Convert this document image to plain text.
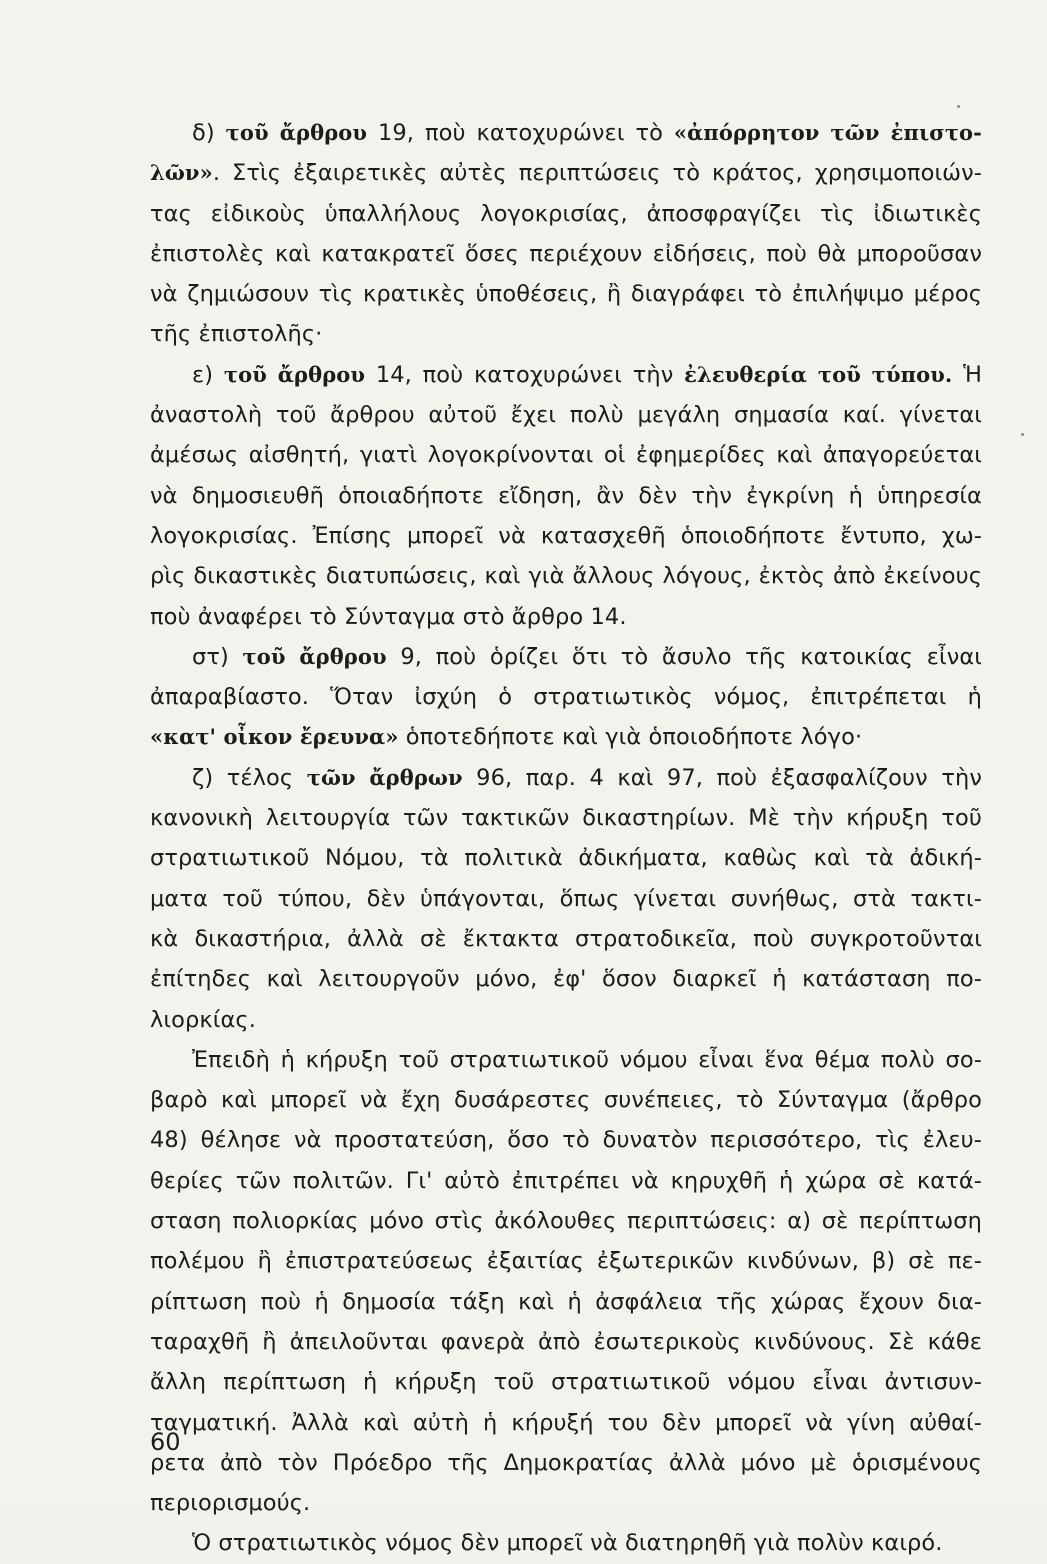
δ) τοῦ ἄρθρου 19, ποὺ κατοχυρώνει τὸ «ἀπόρρητον τῶν ἐπιστο-
λῶν». Στὶς ἐξαιρετικὲς αὐτὲς περιπτώσεις τὸ κράτος, χρησιμοποιών-
τας εἰδικοὺς ὑπαλλήλους λογοκρισίας, ἀποσφραγίζει τὶς ἰδιωτικὲς
ἐπιστολὲς καὶ κατακρατεῖ ὅσες περιέχουν εἰδήσεις, ποὺ θὰ μποροῦσαν
νὰ ζημιώσουν τὶς κρατικὲς ὑποθέσεις, ἢ διαγράφει τὸ ἐπιλήψιμο μέρος
τῆς ἐπιστολῆς·
ε) τοῦ ἄρθρου 14, ποὺ κατοχυρώνει τὴν ἐλευθερία τοῦ τύπου. Ἡ
ἀναστολὴ τοῦ ἄρθρου αὐτοῦ ἔχει πολὺ μεγάλη σημασία καί. γίνεται
ἀμέσως αἰσθητή, γιατὶ λογοκρίνονται οἱ ἐφημερίδες καὶ ἀπαγορεύεται
νὰ δημοσιευθῆ ὁποιαδήποτε εἴδηση, ἂν δὲν τὴν ἐγκρίνη ἡ ὑπηρεσία
λογοκρισίας. Ἐπίσης μπορεῖ νὰ κατασχεθῆ ὁποιοδήποτε ἔντυπο, χω-
ρὶς δικαστικὲς διατυπώσεις, καὶ γιὰ ἄλλους λόγους, ἐκτὸς ἀπὸ ἐκείνους
ποὺ ἀναφέρει τὸ Σύνταγμα στὸ ἄρθρο 14.
στ) τοῦ ἄρθρου 9, ποὺ ὁρίζει ὅτι τὸ ἄσυλο τῆς κατοικίας εἶναι
ἀπαραβίαστο. Ὅταν ἰσχύη ὁ στρατιωτικὸς νόμος, ἐπιτρέπεται ἡ
«κατ' οἶκον ἔρευνα» ὁποτεδήποτε καὶ γιὰ ὁποιοδήποτε λόγο·
ζ) τέλος τῶν ἄρθρων 96, παρ. 4 καὶ 97, ποὺ ἐξασφαλίζουν τὴν
κανονικὴ λειτουργία τῶν τακτικῶν δικαστηρίων. Μὲ τὴν κήρυξη τοῦ
στρατιωτικοῦ Νόμου, τὰ πολιτικὰ ἀδικήματα, καθὼς καὶ τὰ ἀδική-
ματα τοῦ τύπου, δὲν ὑπάγονται, ὅπως γίνεται συνήθως, στὰ τακτι-
κὰ δικαστήρια, ἀλλὰ σὲ ἔκτακτα στρατοδικεῖα, ποὺ συγκροτοῦνται
ἐπίτηδες καὶ λειτουργοῦν μόνο, ἐφ' ὅσον διαρκεῖ ἡ κατάσταση πο-
λιορκίας.
Ἐπειδὴ ἡ κήρυξη τοῦ στρατιωτικοῦ νόμου εἶναι ἕνα θέμα πολὺ σο-
βαρὸ καὶ μπορεῖ νὰ ἔχη δυσάρεστες συνέπειες, τὸ Σύνταγμα (ἄρθρο
48) θέλησε νὰ προστατεύση, ὅσο τὸ δυνατὸν περισσότερο, τὶς ἐλευ-
θερίες τῶν πολιτῶν. Γι' αὐτὸ ἐπιτρέπει νὰ κηρυχθῆ ἡ χώρα σὲ κατά-
σταση πολιορκίας μόνο στὶς ἀκόλουθες περιπτώσεις: α) σὲ περίπτωση
πολέμου ἢ ἐπιστρατεύσεως ἐξαιτίας ἐξωτερικῶν κινδύνων, β) σὲ πε-
ρίπτωση ποὺ ἡ δημοσία τάξη καὶ ἡ ἀσφάλεια τῆς χώρας ἔχουν δια-
ταραχθῆ ἢ ἀπειλοῦνται φανερὰ ἀπὸ ἐσωτερικοὺς κινδύνους. Σὲ κάθε
ἄλλη περίπτωση ἡ κήρυξη τοῦ στρατιωτικοῦ νόμου εἶναι ἀντισυν-
ταγματική. Ἀλλὰ καὶ αὐτὴ ἡ κήρυξή του δὲν μπορεῖ νὰ γίνη αὐθαί-
ρετα ἀπὸ τὸν Πρόεδρο τῆς Δημοκρατίας ἀλλὰ μόνο μὲ ὁρισμένους
περιορισμούς.
Ὁ στρατιωτικὸς νόμος δὲν μπορεῖ νὰ διατηρηθῆ γιὰ πολὺν καιρό.
60
